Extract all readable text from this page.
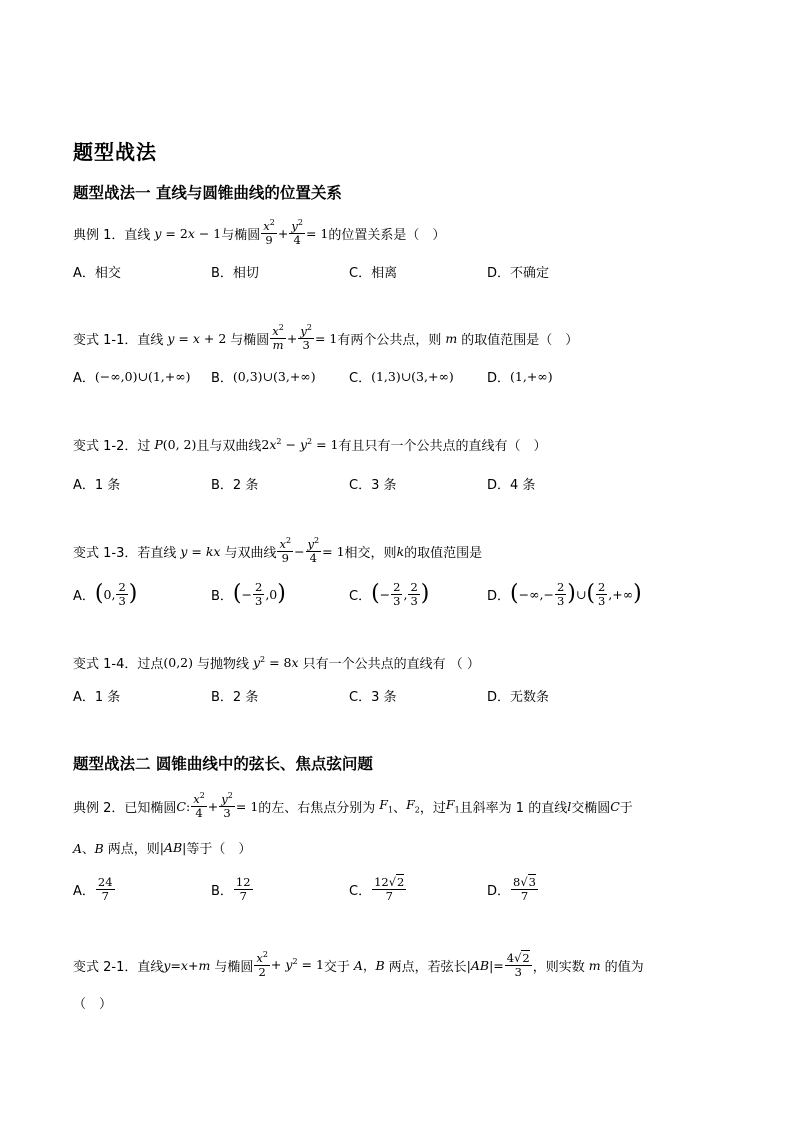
题型战法
题型战法一 直线与圆锥曲线的位置关系
典例 1．直线 y = 2x − 1 与椭圆 $\frac{x^2}{9} + \frac{y^2}{4} = 1$ 的位置关系是（　）
A．相交	B．相切	C．相离	D．不确定
变式 1-1．直线 y = x + 2 与椭圆 $\frac{x^2}{m} + \frac{y^2}{3} = 1$ 有两个公共点，则 m 的取值范围是（　）
A． (−∞,0)∪(1,+∞) B． (0,3)∪(3,+∞)	C． (1,3)∪(3,+∞)	D． (1,+∞)
变式 1-2．过 P(0, 2) 且与双曲线 $2x^2 - y^2 = 1$ 有且只有一个公共点的直线有（　）
A．1 条	B．2 条	C．3 条	D．4 条
变式 1-3．若直线 y = kx 与双曲线 $\frac{x^2}{9} - \frac{y^2}{4} = 1$ 相交，则 k 的取值范围是
A． ( 0, $\frac{2}{3}$ )	B． ( − $\frac{2}{3} ,0$ )	C． ( − $\frac{2}{3}$ , $\frac{2}{3}$ )	D． ( −∞,− $\frac{2}{3}$ ) ∪ ( $\frac{2}{3}$ ,+∞ )
变式 1-4．过点 (0,2) 与抛物线 $y^2 = 8x$ 只有一个公共点的直线有 （ ）
A．1 条	B．2 条	C．3 条	D．无数条
题型战法二 圆锥曲线中的弦长、焦点弦问题
典例 2．已知椭圆 C : $\frac{x^2}{4} + \frac{y^2}{3} = 1$ 的左、右焦点分别为 $F_1$ 、 $F_2$ ，过 $F_1$ 且斜率为 1 的直线 l 交椭圆 C 于
A、B 两点，则 |AB| 等于（　）
A． $\frac{24}{7}$	B． $\frac{12}{7}$	C． $\frac{12√2}{7}$	D． $\frac{8√3}{7}$
变式 2-1．直线 y=x+m 与椭圆 $\frac{x^2}{2} + y^2 = 1$ 交于 A，B 两点，若弦长 $|AB|= \frac{4√2}{3}$ ，则实数 m 的值为
（　）
